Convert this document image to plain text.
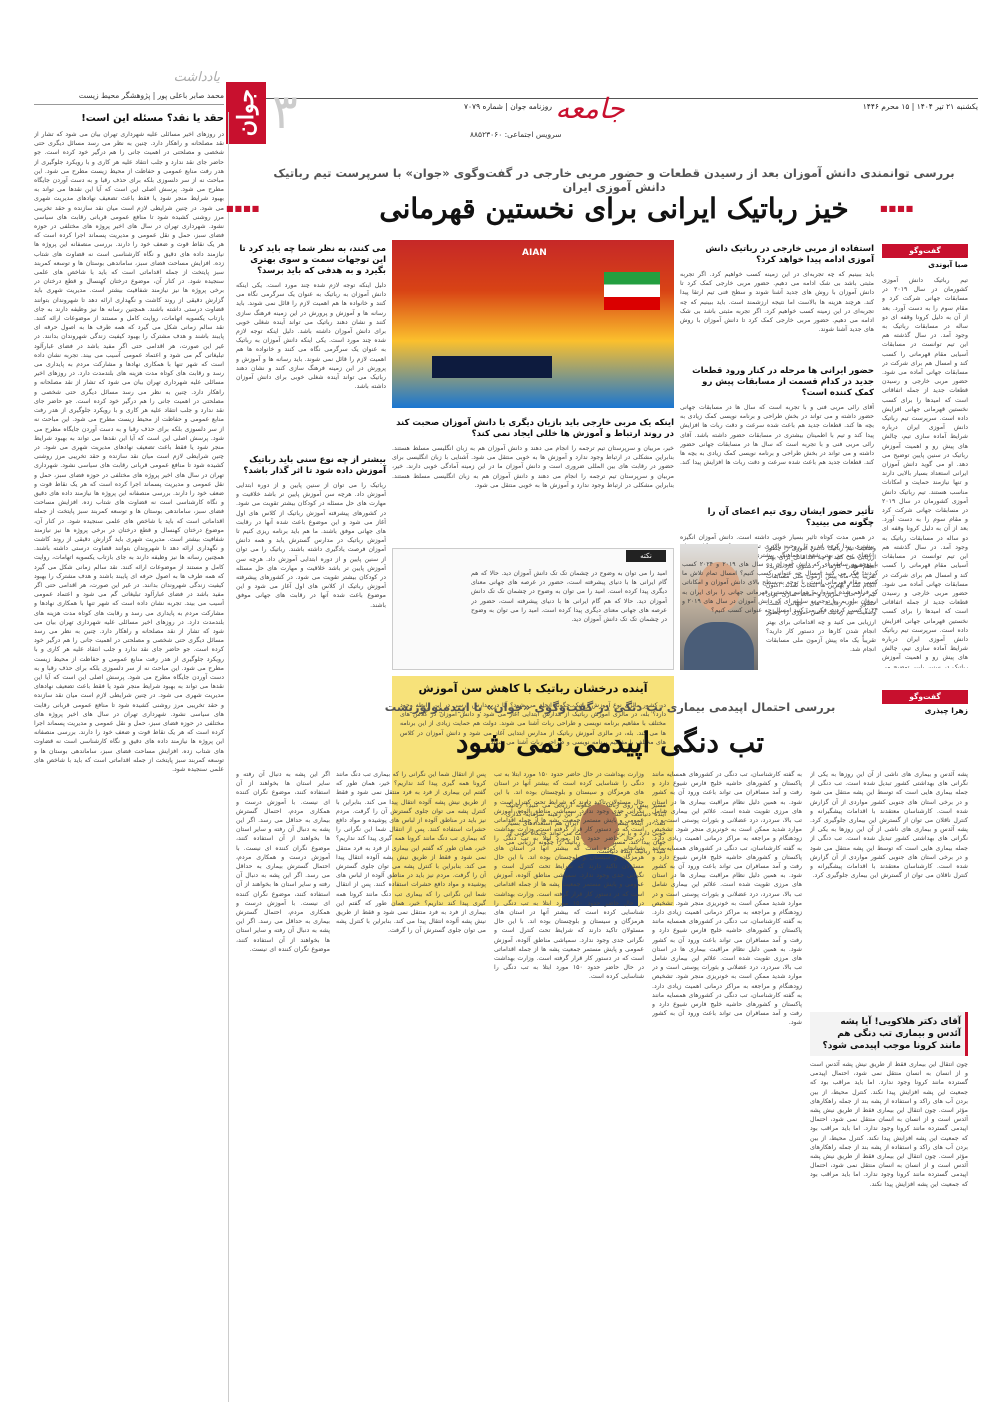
یکشنبه ۲۱ تیر ۱۴۰۴ | ۱۵ محرم ۱۴۴۶
روزنامه جوان | شماره ۷۰۷۹
جوان ۳	جامعه
سرویس اجتماعی: ۸۸۵۲۳۰۶۰
یادداشت
محمد صابر باعلی پور | پژوهشگر محیط زیست
حقد یا نقد؟ مسئله این است!
در روزهای اخیر مسائلی علیه شهرداری تهران بیان می شود که تشار از نقد مصلحانه و راهکار دارد. چنین به نظر می رسد مسائل دیگری حتی شخصی و مصلحتی در اهمیت جانی را هم درگیر خود کرده است. جو حاضر جای نقد ندارد و جلب انتقاد علیه هر کاری و با رویکرد جلوگیری از هدر رفت منابع عمومی و حفاظت از محیط زیست مطرح می شود. این مباحث نه از سر دلسوزی بلکه برای حذف رقبا و به دست آوردن جایگاه مطرح می شود. پرسش اصلی این است که آیا این نقدها می تواند به بهبود شرایط منجر شود یا فقط باعث تضعیف نهادهای مدیریت شهری می شود. در چنین شرایطی لازم است میان نقد سازنده و حقد تخریبی مرز روشنی کشیده شود تا منافع عمومی قربانی رقابت های سیاسی نشود. شهرداری تهران در سال های اخیر پروژه های مختلفی در حوزه فضای سبز، حمل و نقل عمومی و مدیریت پسماند اجرا کرده است که هر یک نقاط قوت و ضعف خود را دارند. بررسی منصفانه این پروژه ها نیازمند داده های دقیق و نگاه کارشناسی است نه قضاوت های شتاب زده. افزایش مساحت فضای سبز، ساماندهی بوستان ها و توسعه کمربند سبز پایتخت از جمله اقداماتی است که باید با شاخص های علمی سنجیده شود. در کنار آن، موضوع درختان کهنسال و قطع درختان در برخی پروژه ها نیز نیازمند شفافیت بیشتر است. مدیریت شهری باید گزارش دقیقی از روند کاشت و نگهداری ارائه دهد تا شهروندان بتوانند قضاوت درستی داشته باشند. همچنین رسانه ها نیز وظیفه دارند به جای بازتاب یکسویه اتهامات، روایت کامل و مستند از موضوعات ارائه کنند. نقد سالم زمانی شکل می گیرد که همه طرف ها به اصول حرفه ای پایبند باشند و هدف مشترک را بهبود کیفیت زندگی شهروندان بدانند. در غیر این صورت، هر اقدامی حتی اگر مفید باشد در فضای غبارآلود تبلیغاتی گم می شود و اعتماد عمومی آسیب می بیند. تجربه نشان داده است که شهر تنها با همکاری نهادها و مشارکت مردم به پایداری می رسد و رقابت های کوتاه مدت هزینه های بلندمدت دارد. در روزهای اخیر مسائلی علیه شهرداری تهران بیان می شود که تشار از نقد مصلحانه و راهکار دارد. چنین به نظر می رسد مسائل دیگری حتی شخصی و مصلحتی در اهمیت جانی را هم درگیر خود کرده است. جو حاضر جای نقد ندارد و جلب انتقاد علیه هر کاری و با رویکرد جلوگیری از هدر رفت منابع عمومی و حفاظت از محیط زیست مطرح می شود. این مباحث نه از سر دلسوزی بلکه برای حذف رقبا و به دست آوردن جایگاه مطرح می شود. پرسش اصلی این است که آیا این نقدها می تواند به بهبود شرایط منجر شود یا فقط باعث تضعیف نهادهای مدیریت شهری می شود. در چنین شرایطی لازم است میان نقد سازنده و حقد تخریبی مرز روشنی کشیده شود تا منافع عمومی قربانی رقابت های سیاسی نشود. شهرداری تهران در سال های اخیر پروژه های مختلفی در حوزه فضای سبز، حمل و نقل عمومی و مدیریت پسماند اجرا کرده است که هر یک نقاط قوت و ضعف خود را دارند. بررسی منصفانه این پروژه ها نیازمند داده های دقیق و نگاه کارشناسی است نه قضاوت های شتاب زده. افزایش مساحت فضای سبز، ساماندهی بوستان ها و توسعه کمربند سبز پایتخت از جمله اقداماتی است که باید با شاخص های علمی سنجیده شود. در کنار آن، موضوع درختان کهنسال و قطع درختان در برخی پروژه ها نیز نیازمند شفافیت بیشتر است. مدیریت شهری باید گزارش دقیقی از روند کاشت و نگهداری ارائه دهد تا شهروندان بتوانند قضاوت درستی داشته باشند. همچنین رسانه ها نیز وظیفه دارند به جای بازتاب یکسویه اتهامات، روایت کامل و مستند از موضوعات ارائه کنند. نقد سالم زمانی شکل می گیرد که همه طرف ها به اصول حرفه ای پایبند باشند و هدف مشترک را بهبود کیفیت زندگی شهروندان بدانند. در غیر این صورت، هر اقدامی حتی اگر مفید باشد در فضای غبارآلود تبلیغاتی گم می شود و اعتماد عمومی آسیب می بیند. تجربه نشان داده است که شهر تنها با همکاری نهادها و مشارکت مردم به پایداری می رسد و رقابت های کوتاه مدت هزینه های بلندمدت دارد. در روزهای اخیر مسائلی علیه شهرداری تهران بیان می شود که تشار از نقد مصلحانه و راهکار دارد. چنین به نظر می رسد مسائل دیگری حتی شخصی و مصلحتی در اهمیت جانی را هم درگیر خود کرده است. جو حاضر جای نقد ندارد و جلب انتقاد علیه هر کاری و با رویکرد جلوگیری از هدر رفت منابع عمومی و حفاظت از محیط زیست مطرح می شود. این مباحث نه از سر دلسوزی بلکه برای حذف رقبا و به دست آوردن جایگاه مطرح می شود. پرسش اصلی این است که آیا این نقدها می تواند به بهبود شرایط منجر شود یا فقط باعث تضعیف نهادهای مدیریت شهری می شود. در چنین شرایطی لازم است میان نقد سازنده و حقد تخریبی مرز روشنی کشیده شود تا منافع عمومی قربانی رقابت های سیاسی نشود. شهرداری تهران در سال های اخیر پروژه های مختلفی در حوزه فضای سبز، حمل و نقل عمومی و مدیریت پسماند اجرا کرده است که هر یک نقاط قوت و ضعف خود را دارند. بررسی منصفانه این پروژه ها نیازمند داده های دقیق و نگاه کارشناسی است نه قضاوت های شتاب زده. افزایش مساحت فضای سبز، ساماندهی بوستان ها و توسعه کمربند سبز پایتخت از جمله اقداماتی است که باید با شاخص های علمی سنجیده شود.
بررسی توانمندی دانش آموزان بعد از رسیدن قطعات و حضور مربی خارجی در گفت‌وگوی «جوان» با سرپرست تیم رباتیک دانش آموزی ایران
خیز رباتیک ایرانی برای نخستین قهرمانی	■■■■
■■■■
گفت‌وگو
صبا آبوندی
تیم رباتیک دانش آموزی کشورمان در سال ۲۰۱۹ در مسابقات جهانی شرکت کرد و مقام سوم را به دست آورد. بعد از آن به دلیل کرونا وقفه ای دو ساله در مسابقات رباتیک به وجود آمد. در سال گذشته هم این تیم توانست در مسابقات آسیایی مقام قهرمانی را کسب کند و امسال هم برای شرکت در مسابقات جهانی آماده می شود. حضور مربی خارجی و رسیدن قطعات جدید از جمله اتفاقاتی است که امیدها را برای کسب نخستین قهرمانی جهانی افزایش داده است. سرپرست تیم رباتیک دانش آموزی ایران درباره شرایط آماده سازی تیم، چالش های پیش رو و اهمیت آموزش رباتیک در سنین پایین توضیح می دهد. او می گوید دانش آموزان ایرانی استعداد بسیار بالایی دارند و تنها نیازمند حمایت و امکانات مناسب هستند. تیم رباتیک دانش آموزی کشورمان در سال ۲۰۱۹ در مسابقات جهانی شرکت کرد و مقام سوم را به دست آورد. بعد از آن به دلیل کرونا وقفه ای دو ساله در مسابقات رباتیک به وجود آمد. در سال گذشته هم این تیم توانست در مسابقات آسیایی مقام قهرمانی را کسب کند و امسال هم برای شرکت در مسابقات جهانی آماده می شود. حضور مربی خارجی و رسیدن قطعات جدید از جمله اتفاقاتی است که امیدها را برای کسب نخستین قهرمانی جهانی افزایش داده است. سرپرست تیم رباتیک دانش آموزی ایران درباره شرایط آماده سازی تیم، چالش های پیش رو و اهمیت آموزش رباتیک در سنین پایین توضیح می دهد.
استفاده از مربی خارجی در رباتیک دانش آموزی ادامه پیدا خواهد کرد؟
باید ببینیم که چه تجربه‌ای در این زمینه کسب خواهیم کرد. اگر تجربه مثبتی باشد بی شک ادامه می دهیم. حضور مربی خارجی کمک کرد تا دانش آموزان با روش های جدید آشنا شوند و سطح فنی تیم ارتقا پیدا کند. هرچند هزینه ها بالاست اما نتیجه ارزشمند است. باید ببینیم که چه تجربه‌ای در این زمینه کسب خواهیم کرد. اگر تجربه مثبتی باشد بی شک ادامه می دهیم. حضور مربی خارجی کمک کرد تا دانش آموزان با روش های جدید آشنا شوند.
حضور ایرانی ها مرحله در کنار ورود قطعات جدید در کدام قسمت از مسابقات پیش رو کمک کننده است؟
آقای رائی مربی فنی و با تجربه است که سال ها در مسابقات جهانی حضور داشته و می تواند در بخش طراحی و برنامه نویسی کمک زیادی به بچه ها کند. قطعات جدید هم باعث شده سرعت و دقت ربات ها افزایش پیدا کند و تیم با اطمینان بیشتری در مسابقات حضور داشته باشد. آقای رائی مربی فنی و با تجربه است که سال ها در مسابقات جهانی حضور داشته و می تواند در بخش طراحی و برنامه نویسی کمک زیادی به بچه ها کند. قطعات جدید هم باعث شده سرعت و دقت ربات ها افزایش پیدا کند.
تأثیر حضور ایشان روی تیم اعضای آن را چگونه می بینید؟
در همین مدت کوتاه تاثیر بسیار خوبی داشته است. دانش آموزان انگیزه بیشتری پیدا کرده اند و با روحیه بالاتری تمرین می کنند. همکاری میان اعضای تیم نیز بهتر شده و هماهنگی بیشتری در اجرای مأموریت ها دیده می شود.
AIAN
اینکه یک مربی خارجی باید بازیان دیگری با دانش آموزان صحبت کند در روند ارتباط و آموزش ها خللی ایجاد نمی کند؟
خیر، مربیان و سرپرستان تیم ترجمه را انجام می دهند و دانش آموزان هم به زبان انگلیسی مسلط هستند. بنابراین مشکلی در ارتباط وجود ندارد و آموزش ها به خوبی منتقل می شود. آشنایی با زبان انگلیسی برای حضور در رقابت های بین المللی ضروری است و دانش آموزان ما در این زمینه آمادگی خوبی دارند. خیر، مربیان و سرپرستان تیم ترجمه را انجام می دهند و دانش آموزان هم به زبان انگلیسی مسلط هستند. بنابراین مشکلی در ارتباط وجود ندارد و آموزش ها به خوبی منتقل می شود.
می کنند، به نظر شما چه باید کرد تا این توجهات سمت و سوی بهتری بگیرد و به هدفی که باید برسد؟
دلیل اینکه توجه لازم شده چند مورد است. یکی اینکه دانش آموزان به رباتیک به عنوان یک سرگرمی نگاه می کنند و خانواده ها هم اهمیت لازم را قائل نمی شوند. باید رسانه ها و آموزش و پرورش در این زمینه فرهنگ سازی کنند و نشان دهند رباتیک می تواند آینده شغلی خوبی برای دانش آموزان داشته باشد. دلیل اینکه توجه لازم شده چند مورد است. یکی اینکه دانش آموزان به رباتیک به عنوان یک سرگرمی نگاه می کنند و خانواده ها هم اهمیت لازم را قائل نمی شوند. باید رسانه ها و آموزش و پرورش در این زمینه فرهنگ سازی کنند و نشان دهند رباتیک می تواند آینده شغلی خوبی برای دانش آموزان داشته باشد.
بیشتر از چه نوع سنی باید رباتیک آموزش داده شود تا اثر گذار باشد؟
رباتیک را می توان از سنین پایین و از دوره ابتدایی آموزش داد. هرچه سن آموزش پایین تر باشد خلاقیت و مهارت های حل مسئله در کودکان بیشتر تقویت می شود. در کشورهای پیشرفته آموزش رباتیک از کلاس های اول آغاز می شود و این موضوع باعث شده آنها در رقابت های جهانی موفق باشند. ما هم باید برنامه ریزی کنیم تا آموزش رباتیک در مدارس گسترش یابد و همه دانش آموزان فرصت یادگیری داشته باشند. رباتیک را می توان از سنین پایین و از دوره ابتدایی آموزش داد. هرچه سن آموزش پایین تر باشد خلاقیت و مهارت های حل مسئله در کودکان بیشتر تقویت می شود. در کشورهای پیشرفته آموزش رباتیک از کلاس های اول آغاز می شود و این موضوع باعث شده آنها در رقابت های جهانی موفق باشند.
امید را می توان به وضوح در چشمان تک تک دانش آموزان دید. حالا که هم گام ایرانی ها با دنیای پیشرفته است، حضور در عرصه های جهانی معنای دیگری پیدا کرده است. امید را می توان به وضوح در چشمان تک تک دانش آموزان دید. حالا که هم گام ایرانی ها با دنیای پیشرفته است، حضور در عرصه های جهانی معنای دیگری پیدا کرده است. امید را می توان به وضوح در چشمان تک تک دانش آموزان دید.
نکته
وضعیت تیم رباتیک دانش آموزی را چطور ارزیابی می کنید و چه اقداماتی برای بهتر انجام شدن کارها در دستور کار دارید؟ تقریباً یک ماه پیش آزمون ملی مسابقات انجام شد و بهترین ها انتخاب شدند. اکنون تیم در حال تمرین و آماده سازی برای حضور در رقابت های جهانی است. وضعیت تیم رباتیک دانش آموزی را چطور ارزیابی می کنید و چه اقداماتی برای بهتر انجام شدن کارها در دستور کار دارید؟ تقریباً یک ماه پیش آزمون ملی مسابقات انجام شد.
آینده درخشان رباتیک با کاهش سن آموزش
در کشور مالزی نوع آموزش رباتیک چگونه انجام می شود؟ آیا در مدارس درسی در این رابطه وجود دارد؟ بله، در مالزی آموزش رباتیک از مدارس ابتدایی آغاز می شود و دانش آموزان در کلاس های مختلف با مفاهیم برنامه نویسی و طراحی ربات آشنا می شوند. دولت هم حمایت زیادی از این برنامه ها می کند. بله، در مالزی آموزش رباتیک از مدارس ابتدایی آغاز می شود و دانش آموزان در کلاس های مختلف با مفاهیم برنامه نویسی و طراحی ربات آشنا می شوند.
مسیر پیش روی رباتیک را چگونه ارزیابی می کنید؟ رباتیک آینده دنیاست و کشورهایی که در این زمینه سرمایه گذاری کنند، در آینده پیشرو خواهند بود. ایران هم استعدادهای بسیار خوبی دارد و با برنامه ریزی درست می تواند جایگاه خوبی در جهان پیدا کند. مسیر پیش روی رباتیک را چگونه ارزیابی می کنید؟ رباتیک آینده دنیاست.
گفت‌وگو
زهرا چیذری
با توجه به سابقه ای که دانش آموزان در سال های ۲۰۱۹ و ۲۰۲۴ کسب کردند، فکر می کنید امسال چه عنوانی کسب کنیم؟ امسال تمام تلاش ما کسب مقام قهرمانی است. با توجه به سطح بالای دانش آموزان و امکاناتی که فراهم شده امیدواریم بتوانیم نخستین قهرمانی جهانی را برای ایران به ارمغان بیاوریم. با توجه به سابقه ای که دانش آموزان در سال های ۲۰۱۹ و ۲۰۲۴ کسب کردند، فکر می کنید امسال چه عنوانی کسب کنیم؟
بررسی احتمال اپیدمی بیماری تب دنگی در گفت‌وگوی «جوان» با اپیدمیولوژیست
تب دنگی اپیدمی نمی شود
پشه آئدس و بیماری های ناشی از آن این روزها به یکی از نگرانی های بهداشتی کشور تبدیل شده است. تب دنگی از جمله بیماری هایی است که توسط این پشه منتقل می شود و در برخی استان های جنوبی کشور مواردی از آن گزارش شده است. کارشناسان معتقدند با اقدامات پیشگیرانه و کنترل ناقلان می توان از گسترش این بیماری جلوگیری کرد. پشه آئدس و بیماری های ناشی از آن این روزها به یکی از نگرانی های بهداشتی کشور تبدیل شده است. تب دنگی از جمله بیماری هایی است که توسط این پشه منتقل می شود و در برخی استان های جنوبی کشور مواردی از آن گزارش شده است. کارشناسان معتقدند با اقدامات پیشگیرانه و کنترل ناقلان می توان از گسترش این بیماری جلوگیری کرد.
آقای دکتر هلاکویی! آیا پشه آئدس و بیماری تب دنگی هم مانند کرونا موجب اپیدمی شود؟
چون انتقال این بیماری فقط از طریق نیش پشه آئدس است و از انسان به انسان منتقل نمی شود، احتمال اپیدمی گسترده مانند کرونا وجود ندارد. اما باید مراقب بود که جمعیت این پشه افزایش پیدا نکند. کنترل محیط، از بین بردن آب های راکد و استفاده از پشه بند از جمله راهکارهای مؤثر است. چون انتقال این بیماری فقط از طریق نیش پشه آئدس است و از انسان به انسان منتقل نمی شود، احتمال اپیدمی گسترده مانند کرونا وجود ندارد. اما باید مراقب بود که جمعیت این پشه افزایش پیدا نکند. کنترل محیط، از بین بردن آب های راکد و استفاده از پشه بند از جمله راهکارهای مؤثر است. چون انتقال این بیماری فقط از طریق نیش پشه آئدس است و از انسان به انسان منتقل نمی شود، احتمال اپیدمی گسترده مانند کرونا وجود ندارد. اما باید مراقب بود که جمعیت این پشه افزایش پیدا نکند.
به گفته کارشناسان، تب دنگی در کشورهای همسایه مانند پاکستان و کشورهای حاشیه خلیج فارس شیوع دارد و رفت و آمد مسافران می تواند باعث ورود آن به کشور شود. به همین دلیل نظام مراقبت بیماری ها در استان های مرزی تقویت شده است. علائم این بیماری شامل تب بالا، سردرد، درد عضلانی و بثورات پوستی است و در موارد شدید ممکن است به خونریزی منجر شود. تشخیص زودهنگام و مراجعه به مراکز درمانی اهمیت زیادی دارد. به گفته کارشناسان، تب دنگی در کشورهای همسایه مانند پاکستان و کشورهای حاشیه خلیج فارس شیوع دارد و رفت و آمد مسافران می تواند باعث ورود آن به کشور شود. به همین دلیل نظام مراقبت بیماری ها در استان های مرزی تقویت شده است. علائم این بیماری شامل تب بالا، سردرد، درد عضلانی و بثورات پوستی است و در موارد شدید ممکن است به خونریزی منجر شود. تشخیص زودهنگام و مراجعه به مراکز درمانی اهمیت زیادی دارد. به گفته کارشناسان، تب دنگی در کشورهای همسایه مانند پاکستان و کشورهای حاشیه خلیج فارس شیوع دارد و رفت و آمد مسافران می تواند باعث ورود آن به کشور شود. به همین دلیل نظام مراقبت بیماری ها در استان های مرزی تقویت شده است. علائم این بیماری شامل تب بالا، سردرد، درد عضلانی و بثورات پوستی است و در موارد شدید ممکن است به خونریزی منجر شود. تشخیص زودهنگام و مراجعه به مراکز درمانی اهمیت زیادی دارد. به گفته کارشناسان، تب دنگی در کشورهای همسایه مانند پاکستان و کشورهای حاشیه خلیج فارس شیوع دارد و رفت و آمد مسافران می تواند باعث ورود آن به کشور شود.
وزارت بهداشت در حال حاضر حدود ۱۵۰ مورد ابتلا به تب دنگی را شناسایی کرده است که بیشتر آنها در استان های هرمزگان و سیستان و بلوچستان بوده اند. با این حال مسئولان تاکید دارند که شرایط تحت کنترل است و نگرانی جدی وجود ندارد. سمپاشی مناطق آلوده، آموزش عمومی و پایش مستمر جمعیت پشه ها از جمله اقداماتی است که در دستور کار قرار گرفته است. وزارت بهداشت در حال حاضر حدود ۱۵۰ مورد ابتلا به تب دنگی را شناسایی کرده است که بیشتر آنها در استان های هرمزگان و سیستان و بلوچستان بوده اند. با این حال مسئولان تاکید دارند که شرایط تحت کنترل است و نگرانی جدی وجود ندارد. سمپاشی مناطق آلوده، آموزش عمومی و پایش مستمر جمعیت پشه ها از جمله اقداماتی است که در دستور کار قرار گرفته است. وزارت بهداشت در حال حاضر حدود ۱۵۰ مورد ابتلا به تب دنگی را شناسایی کرده است که بیشتر آنها در استان های هرمزگان و سیستان و بلوچستان بوده اند. با این حال مسئولان تاکید دارند که شرایط تحت کنترل است و نگرانی جدی وجود ندارد. سمپاشی مناطق آلوده، آموزش عمومی و پایش مستمر جمعیت پشه ها از جمله اقداماتی است که در دستور کار قرار گرفته است. وزارت بهداشت در حال حاضر حدود ۱۵۰ مورد ابتلا به تب دنگی را شناسایی کرده است.
پس از انتقال شما این نگرانی را که بیماری تب دنگ مانند کرونا همه گیری پیدا کند نداریم؟ خیر، همان طور که گفتم این بیماری از فرد به فرد منتقل نمی شود و فقط از طریق نیش پشه آلوده انتقال پیدا می کند. بنابراین با کنترل پشه می توان جلوی گسترش آن را گرفت. مردم نیز باید در مناطق آلوده از لباس های پوشیده و مواد دافع حشرات استفاده کنند. پس از انتقال شما این نگرانی را که بیماری تب دنگ مانند کرونا همه گیری پیدا کند نداریم؟ خیر، همان طور که گفتم این بیماری از فرد به فرد منتقل نمی شود و فقط از طریق نیش پشه آلوده انتقال پیدا می کند. بنابراین با کنترل پشه می توان جلوی گسترش آن را گرفت. مردم نیز باید در مناطق آلوده از لباس های پوشیده و مواد دافع حشرات استفاده کنند. پس از انتقال شما این نگرانی را که بیماری تب دنگ مانند کرونا همه گیری پیدا کند نداریم؟ خیر، همان طور که گفتم این بیماری از فرد به فرد منتقل نمی شود و فقط از طریق نیش پشه آلوده انتقال پیدا می کند. بنابراین با کنترل پشه می توان جلوی گسترش آن را گرفت.
اگر این پشه به دنبال آن رفته و سایر استان ها بخواهند از آن استفاده کنند، موضوع نگران کننده ای نیست. با آموزش درست و همکاری مردم، احتمال گسترش بیماری به حداقل می رسد. اگر این پشه به دنبال آن رفته و سایر استان ها بخواهند از آن استفاده کنند، موضوع نگران کننده ای نیست. با آموزش درست و همکاری مردم، احتمال گسترش بیماری به حداقل می رسد. اگر این پشه به دنبال آن رفته و سایر استان ها بخواهند از آن استفاده کنند، موضوع نگران کننده ای نیست. با آموزش درست و همکاری مردم، احتمال گسترش بیماری به حداقل می رسد. اگر این پشه به دنبال آن رفته و سایر استان ها بخواهند از آن استفاده کنند، موضوع نگران کننده ای نیست.
